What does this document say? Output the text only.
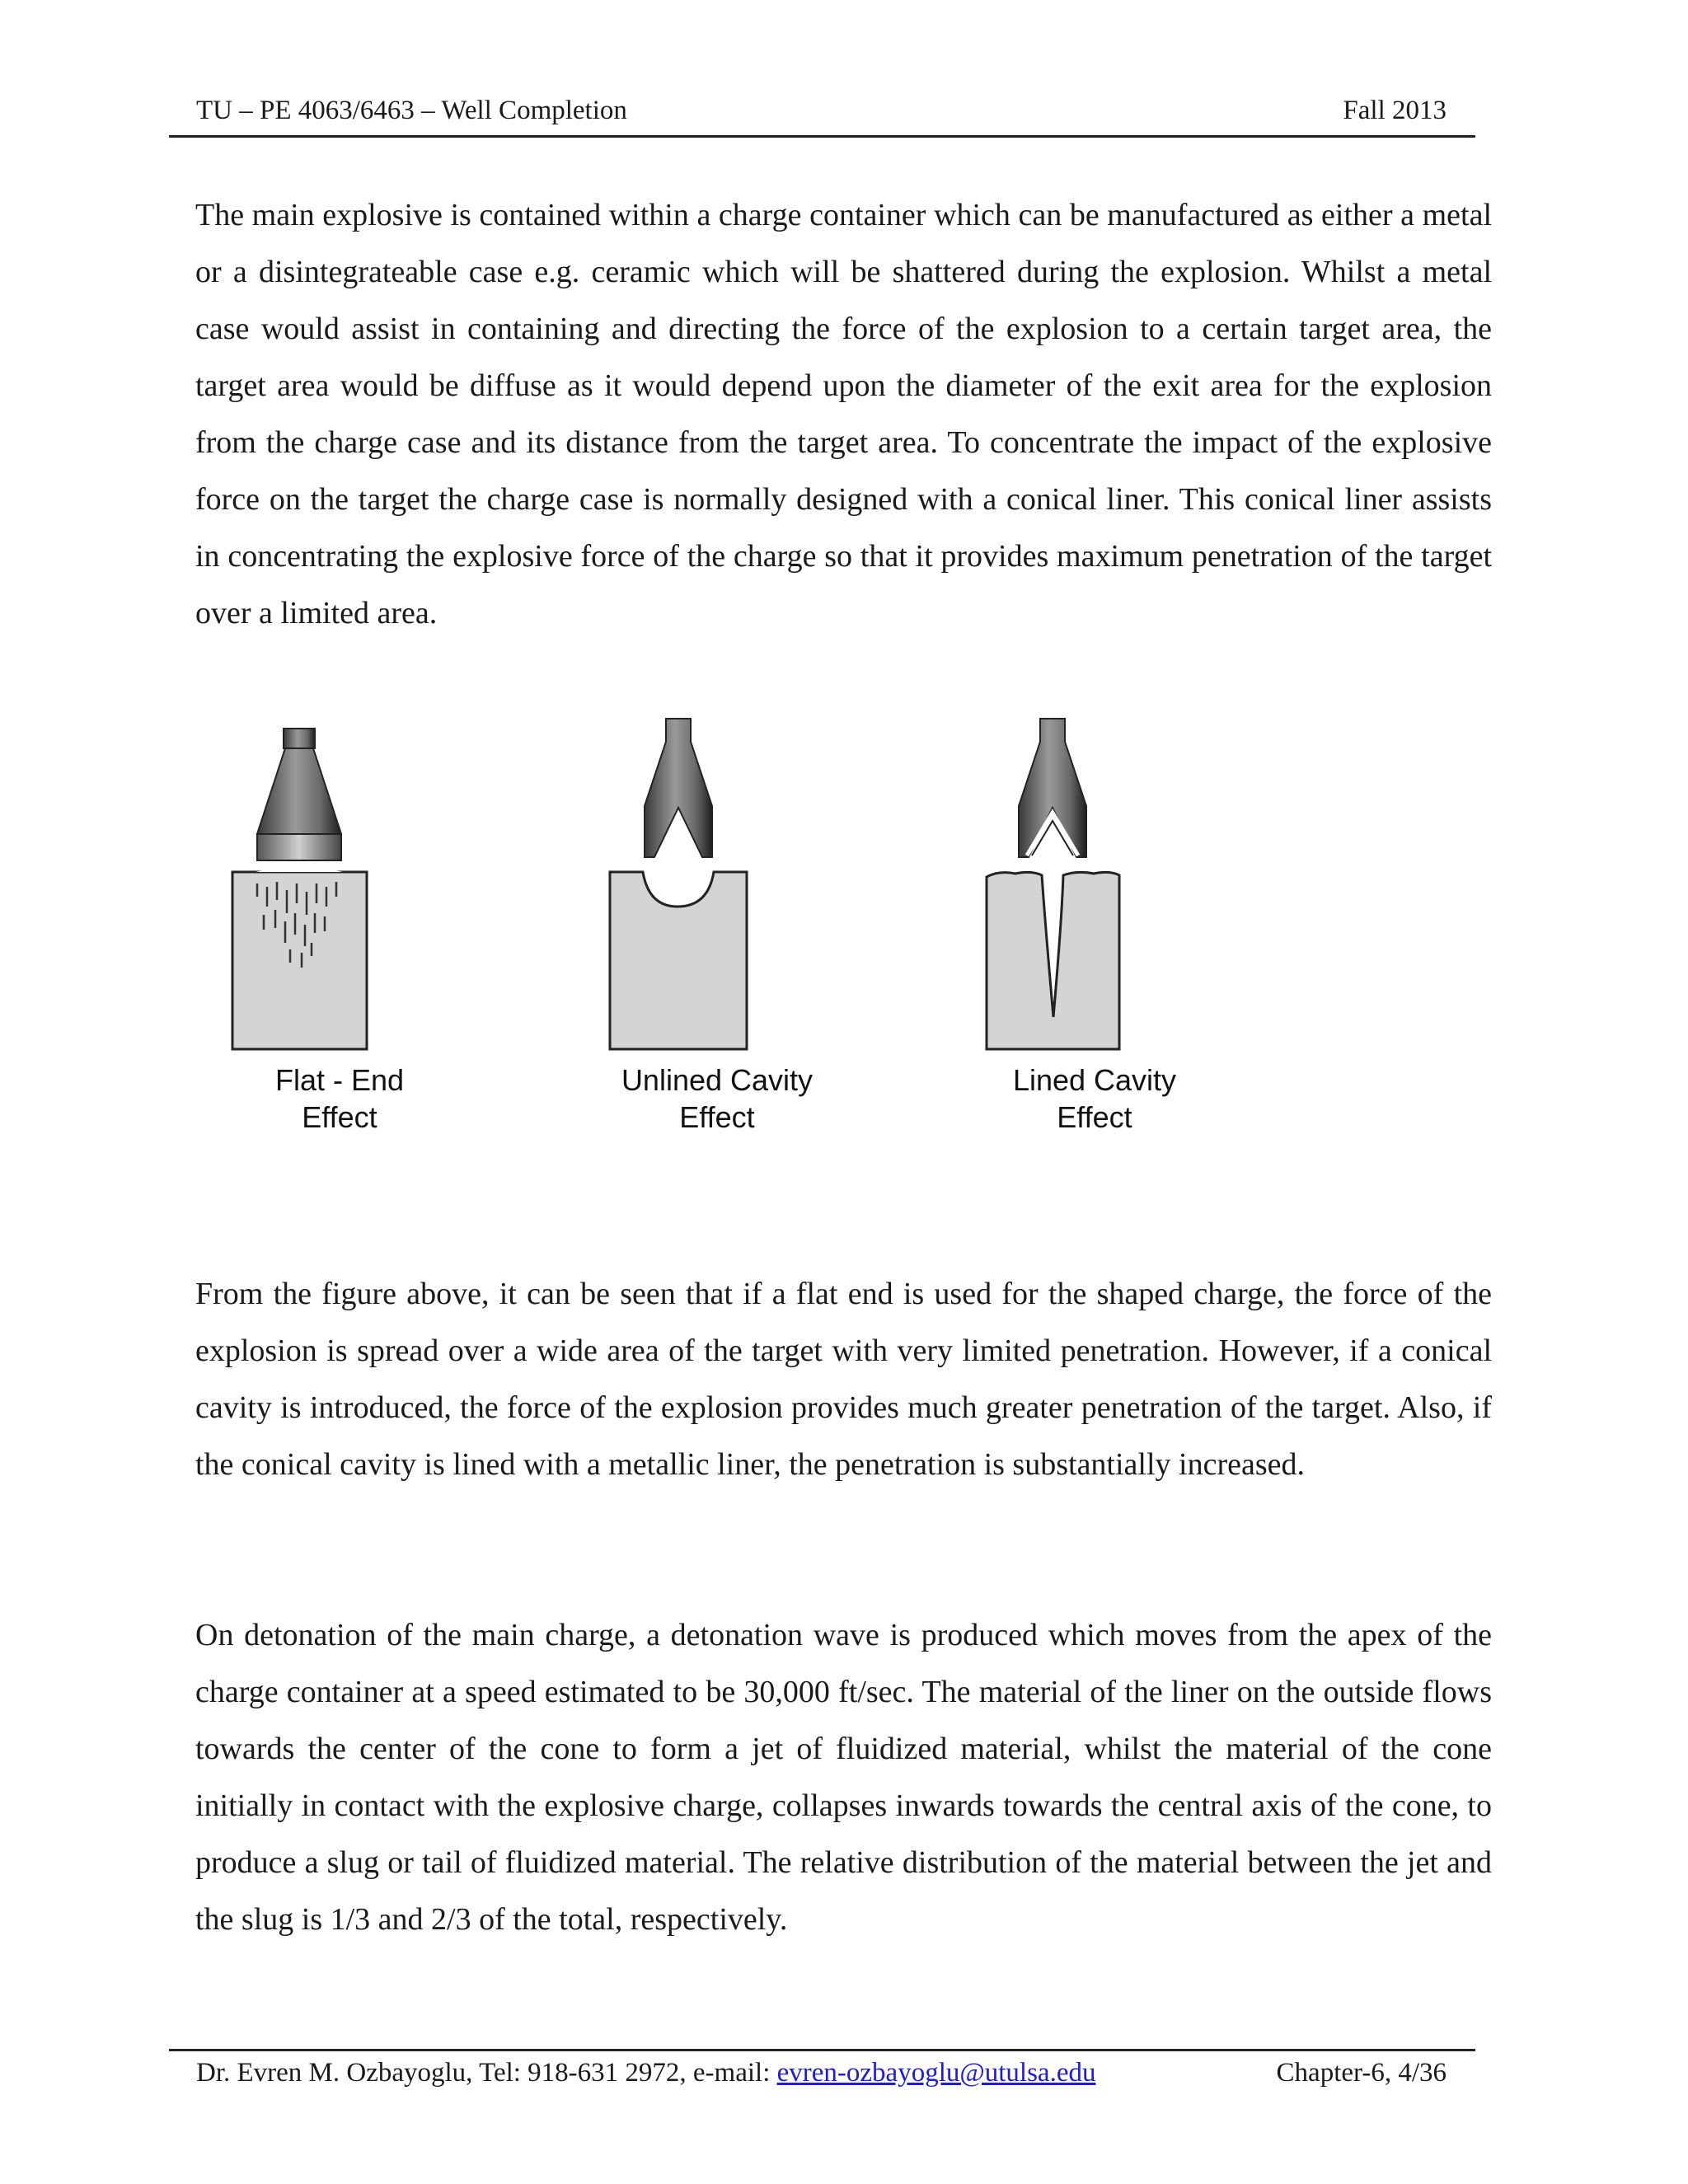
TU – PE 4063/6463 – Well Completion	Fall 2013

The main explosive is contained within a charge container which can be manufactured as either a metal or a disintegrateable case e.g. ceramic which will be shattered during the explosion. Whilst a metal case would assist in containing and directing the force of the explosion to a certain target area, the target area would be diffuse as it would depend upon the diameter of the exit area for the explosion from the charge case and its distance from the target area. To concentrate the impact of the explosive force on the target the charge case is normally designed with a conical liner. This conical liner assists in concentrating the explosive force of the charge so that it provides maximum penetration of the target over a limited area.

Flat - End
Effect
Unlined Cavity
Effect
Lined Cavity
Effect

From the figure above, it can be seen that if a flat end is used for the shaped charge, the force of the explosion is spread over a wide area of the target with very limited penetration. However, if a conical cavity is introduced, the force of the explosion provides much greater penetration of the target. Also, if the conical cavity is lined with a metallic liner, the penetration is substantially increased.

On detonation of the main charge, a detonation wave is produced which moves from the apex of the charge container at a speed estimated to be 30,000 ft/sec. The material of the liner on the outside flows towards the center of the cone to form a jet of fluidized material, whilst the material of the cone initially in contact with the explosive charge, collapses inwards towards the central axis of the cone, to produce a slug or tail of fluidized material. The relative distribution of the material between the jet and the slug is 1/3 and 2/3 of the total, respectively.

Dr. Evren M. Ozbayoglu, Tel: 918-631 2972, e-mail: evren-ozbayoglu@utulsa.edu	Chapter-6, 4/36
